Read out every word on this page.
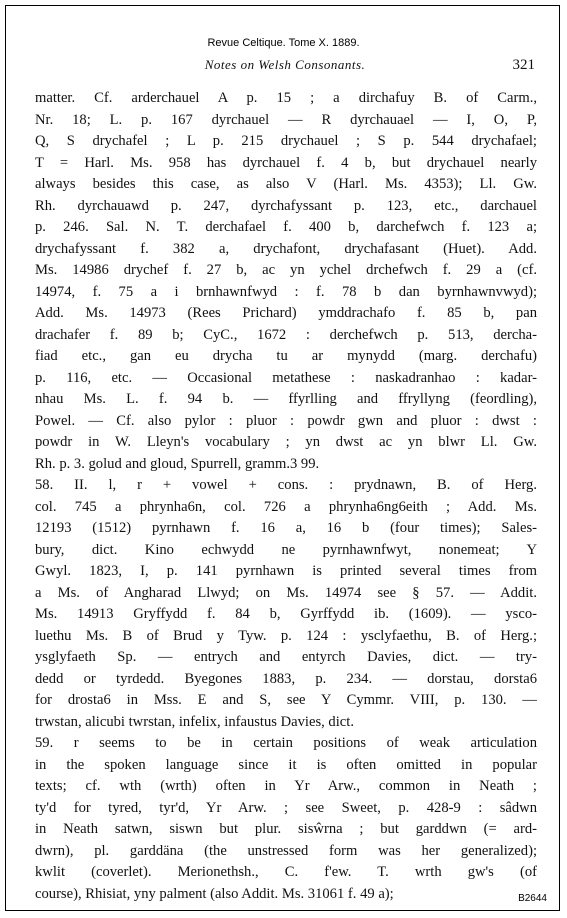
Revue Celtique. Tome X. 1889.
Notes on Welsh Consonants.	321
matter. Cf. arderchauel A p. 15 ; a dirchafuy B. of Carm.,
Nr. 18; L. p. 167 dyrchauel — R dyrchauael — I, O, P,
Q, S drychafel ; L p. 215 drychauel ; S p. 544 drychafael;
T = Harl. Ms. 958 has dyrchauel f. 4 b, but drychauel nearly
always besides this case, as also V (Harl. Ms. 4353); Ll. Gw.
Rh. dyrchauawd p. 247, dyrchafyssant p. 123, etc., darchauel
p. 246. Sal. N. T. derchafael f. 400 b, darchefwch f. 123 a;
drychafyssant f. 382 a, drychafont, drychafasant (Huet). Add.
Ms. 14986 drychef f. 27 b, ac yn ychel drchefwch f. 29 a (cf.
14974, f. 75 a i brnhawnfwyd : f. 78 b dan byrnhawnvwyd);
Add. Ms. 14973 (Rees Prichard) ymddrachafo f. 85 b, pan
drachafer f. 89 b; CyC., 1672 : derchefwch p. 513, dercha-
fiad etc., gan eu drycha tu ar mynydd (marg. derchafu)
p. 116, etc. — Occasional metathese : naskadranhao : kadar-
nhau Ms. L. f. 94 b. — ffyrlling and ffryllyng (feordling),
Powel. — Cf. also pylor : pluor : powdr gwn and pluor : dwst :
powdr in W. Lleyn's vocabulary ; yn dwst ac yn blwr Ll. Gw.
Rh. p. 3. golud and gloud, Spurrell, gramm.3 99.
58. II. l, r + vowel + cons. : prydnawn, B. of Herg.
col. 745 a phrynha6n, col. 726 a phrynha6ng6eith ; Add. Ms.
12193 (1512) pyrnhawn f. 16 a, 16 b (four times); Sales-
bury, dict. Kino echwydd ne pyrnhawnfwyt, nonemeat; Y
Gwyl. 1823, I, p. 141 pyrnhawn is printed several times from
a Ms. of Angharad Llwyd; on Ms. 14974 see § 57. — Addit.
Ms. 14913 Gryffydd f. 84 b, Gyrffydd ib. (1609). — ysco-
luethu Ms. B of Brud y Tyw. p. 124 : ysclyfaethu, B. of Herg.;
ysglyfaeth Sp. — entrych and entyrch Davies, dict. — try-
dedd or tyrdedd. Byegones 1883, p. 234. — dorstau, dorsta6
for drosta6 in Mss. E and S, see Y Cymmr. VIII, p. 130. —
trwstan, alicubi twrstan, infelix, infaustus Davies, dict.
59. r seems to be in certain positions of weak articulation
in the spoken language since it is often omitted in popular
texts; cf. wth (wrth) often in Yr Arw., common in Neath ;
ty'd for tyred, tyr'd, Yr Arw. ; see Sweet, p. 428-9 : sâdwn
in Neath satwn, siswn but plur. sisŵrna ; but garddwn (= ard-
dwrn), pl. garddäna (the unstressed form was her generalized);
kwlit (coverlet). Merionethsh., C. f'ew. T. wrth gw's (of
course), Rhisiat, yny palment (also Addit. Ms. 31061 f. 49 a);	B2644
